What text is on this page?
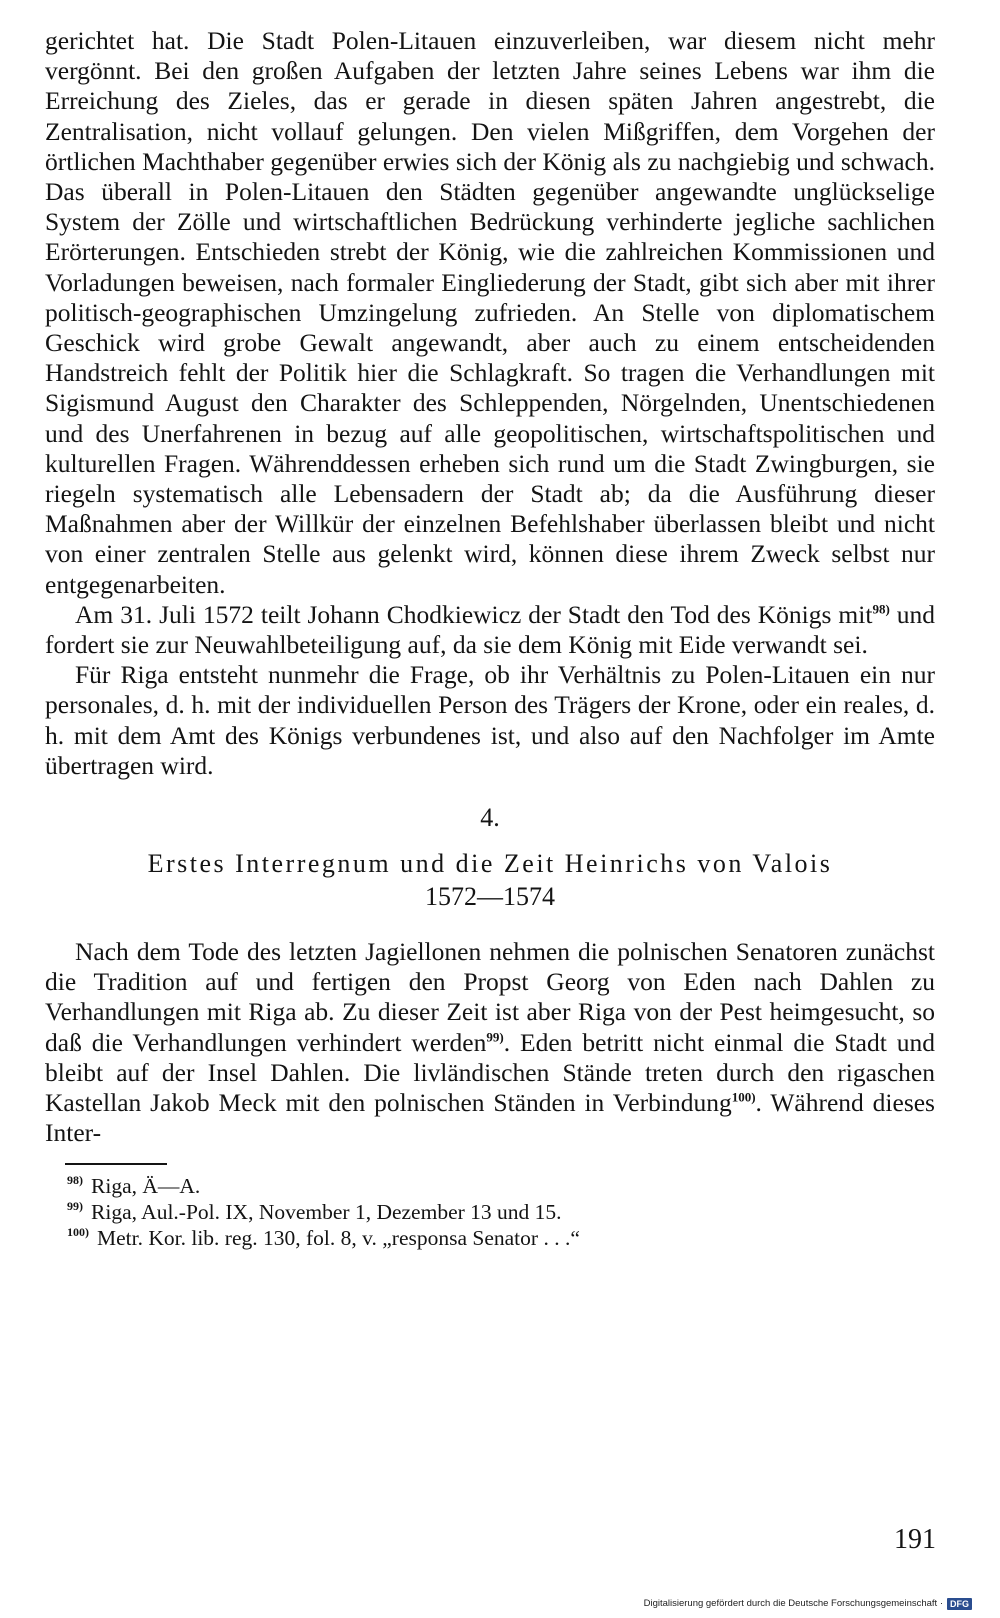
gerichtet hat. Die Stadt Polen-Litauen einzuverleiben, war diesem nicht mehr vergönnt. Bei den großen Aufgaben der letzten Jahre seines Lebens war ihm die Erreichung des Zieles, das er gerade in diesen späten Jahren angestrebt, die Zentralisation, nicht vollauf gelungen. Den vielen Mißgriffen, dem Vorgehen der örtlichen Machthaber gegenüber erwies sich der König als zu nachgiebig und schwach. Das überall in Polen-Litauen den Städten gegenüber angewandte unglückselige System der Zölle und wirtschaftlichen Bedrückung verhinderte jegliche sachlichen Erörterungen. Entschieden strebt der König, wie die zahlreichen Kommissionen und Vorladungen beweisen, nach formaler Eingliederung der Stadt, gibt sich aber mit ihrer politisch-geographischen Umzingelung zufrieden. An Stelle von diplomatischem Geschick wird grobe Gewalt angewandt, aber auch zu einem entscheidenden Handstreich fehlt der Politik hier die Schlagkraft. So tragen die Verhandlungen mit Sigismund August den Charakter des Schleppenden, Nörgelnden, Unentschiedenen und des Unerfahrenen in bezug auf alle geopolitischen, wirtschaftspolitischen und kulturellen Fragen. Währenddessen erheben sich rund um die Stadt Zwingburgen, sie riegeln systematisch alle Lebensadern der Stadt ab; da die Ausführung dieser Maßnahmen aber der Willkür der einzelnen Befehlshaber überlassen bleibt und nicht von einer zentralen Stelle aus gelenkt wird, können diese ihrem Zweck selbst nur entgegenarbeiten.

Am 31. Juli 1572 teilt Johann Chodkiewicz der Stadt den Tod des Königs mit$^{98)}$ und fordert sie zur Neuwahlbeteiligung auf, da sie dem König mit Eide verwandt sei.

Für Riga entsteht nunmehr die Frage, ob ihr Verhältnis zu Polen-Litauen ein nur personales, d. h. mit der individuellen Person des Trägers der Krone, oder ein reales, d. h. mit dem Amt des Königs verbundenes ist, und also auf den Nachfolger im Amte übertragen wird.

4.
Erstes Interregnum und die Zeit Heinrichs von Valois
1572—1574

Nach dem Tode des letzten Jagiellonen nehmen die polnischen Senatoren zunächst die Tradition auf und fertigen den Propst Georg von Eden nach Dahlen zu Verhandlungen mit Riga ab. Zu dieser Zeit ist aber Riga von der Pest heimgesucht, so daß die Verhandlungen verhindert werden$^{99)}$. Eden betritt nicht einmal die Stadt und bleibt auf der Insel Dahlen. Die livländischen Stände treten durch den rigaschen Kastellan Jakob Meck mit den polnischen Ständen in Verbindung$^{100)}$. Während dieses Inter-

$^{98)}$ Riga, Ä—A.

$^{99)}$ Riga, Aul.-Pol. IX, November 1, Dezember 13 und 15.

$^{100)}$ Metr. Kor. lib. reg. 130, fol. 8, v. „responsa Senator . . .“

191
Digitalisierung gefördert durch die Deutsche Forschungsgemeinschaft · DFG
